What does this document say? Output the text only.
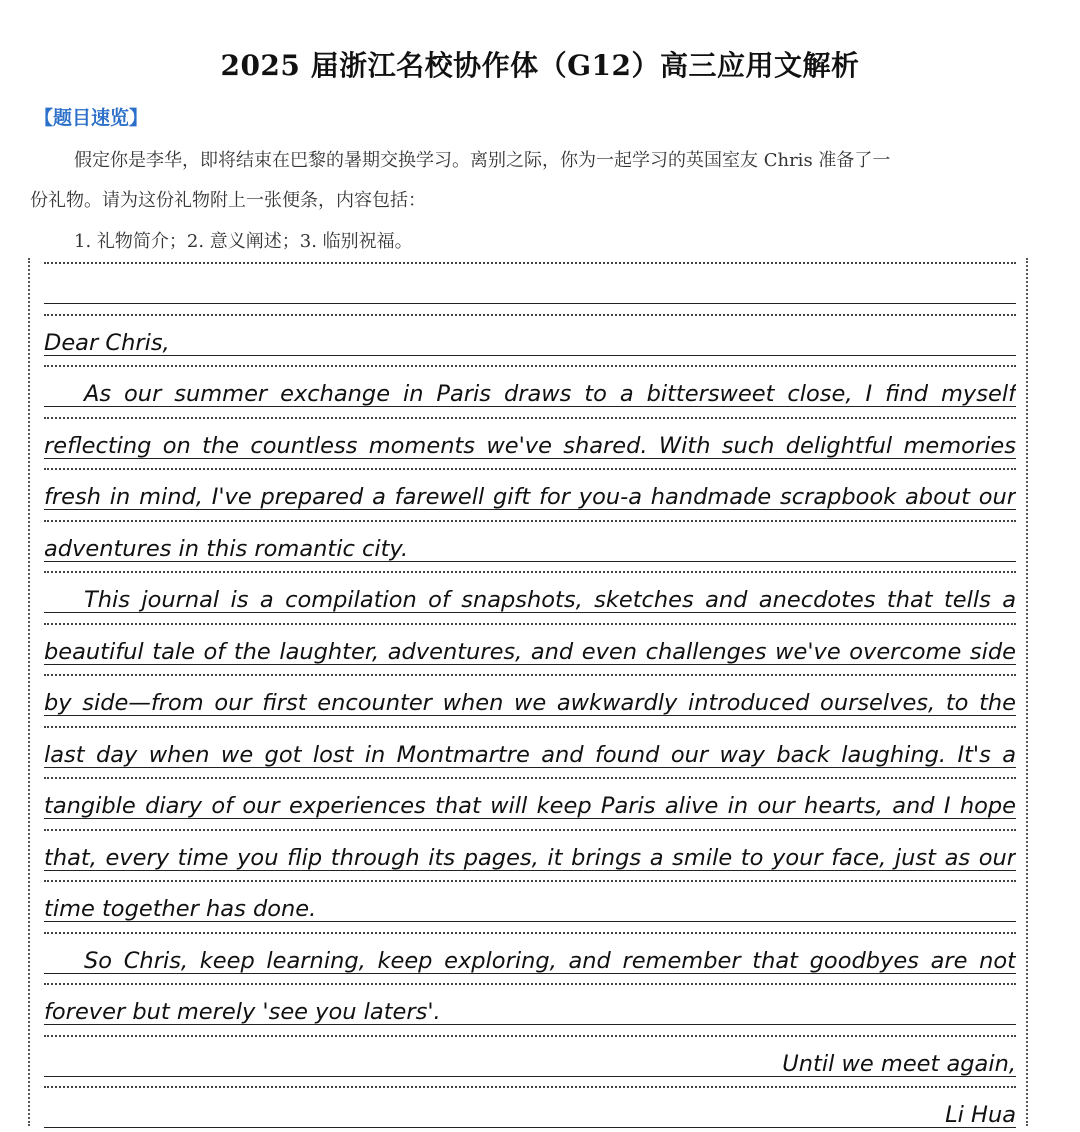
2025 届浙江名校协作体（G12）高三应用文解析
【题目速览】
假定你是李华，即将结束在巴黎的暑期交换学习。离别之际，你为一起学习的英国室友 Chris 准备了一
份礼物。请为这份礼物附上一张便条，内容包括：
1. 礼物简介；2. 意义阐述；3. 临别祝福。
Dear Chris,
As our summer exchange in Paris draws to a bittersweet close, I find myself
reflecting on the countless moments we've shared. With such delightful memories
fresh in mind, I've prepared a farewell gift for you-a handmade scrapbook about our
adventures in this romantic city.
This journal is a compilation of snapshots, sketches and anecdotes that tells a
beautiful tale of the laughter, adventures, and even challenges we've overcome side
by side—from our first encounter when we awkwardly introduced ourselves, to the
last day when we got lost in Montmartre and found our way back laughing. It's a
tangible diary of our experiences that will keep Paris alive in our hearts, and I hope
that, every time you flip through its pages, it brings a smile to your face, just as our
time together has done.
So Chris, keep learning, keep exploring, and remember that goodbyes are not
forever but merely 'see you laters'.
Until we meet again,
Li Hua
